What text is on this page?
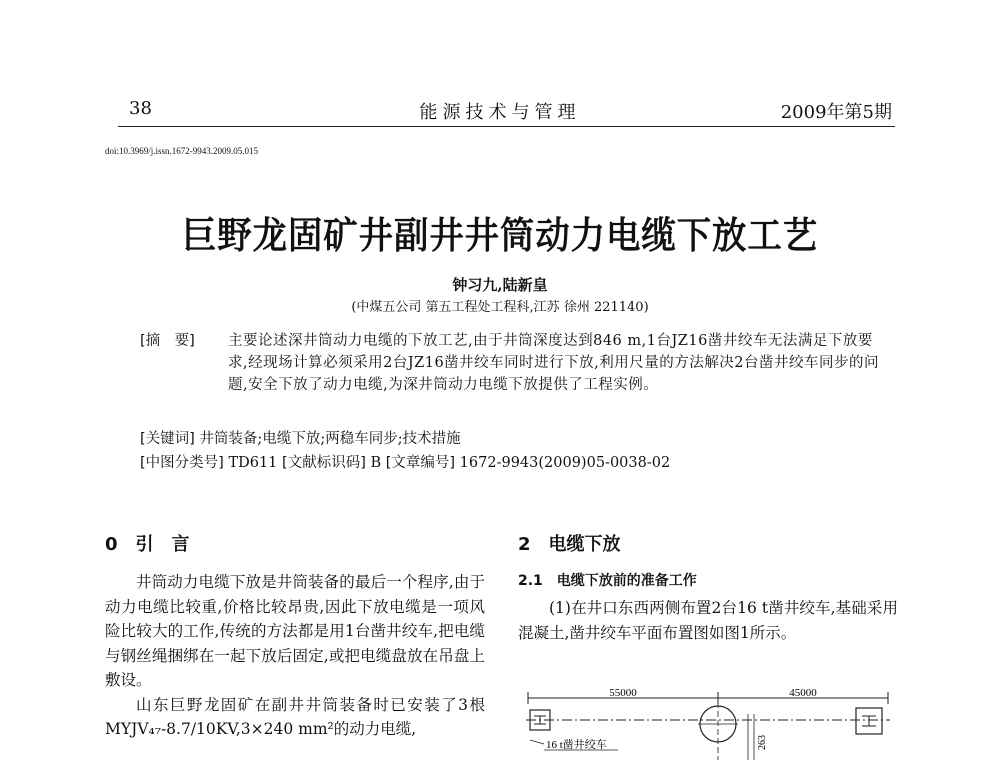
38	能源技术与管理	2009年第5期
doi:10.3969/j.issn.1672-9943.2009.05.015
巨野龙固矿井副井井筒动力电缆下放工艺
钟习九,陆新皇
(中煤五公司 第五工程处工程科,江苏 徐州 221140)
[摘　要]	主要论述深井筒动力电缆的下放工艺,由于井筒深度达到846 m,1台JZ16凿井绞车无法满足下放要求,经现场计算必须采用2台JZ16凿井绞车同时进行下放,利用尺量的方法解决2台凿井绞车同步的问题,安全下放了动力电缆,为深井筒动力电缆下放提供了工程实例。
[关键词] 井筒装备;电缆下放;两稳车同步;技术措施
[中图分类号] TD611 [文献标识码] B [文章编号] 1672-9943(2009)05-0038-02
0　引　言

井筒动力电缆下放是井筒装备的最后一个程序,由于动力电缆比较重,价格比较昂贵,因此下放电缆是一项风险比较大的工作,传统的方法都是用1台凿井绞车,把电缆与钢丝绳捆绑在一起下放后固定,或把电缆盘放在吊盘上敷设。

山东巨野龙固矿在副井井筒装备时已安装了3根MYJV₄₇-8.7/10KV,3×240 mm²的动力电缆,

2　电缆下放
2.1　电缆下放前的准备工作

(1)在井口东西两侧布置2台16 t凿井绞车,基础采用混凝土,凿井绞车平面布置图如图1所示。

55000	45000
263
16 t凿井绞车
